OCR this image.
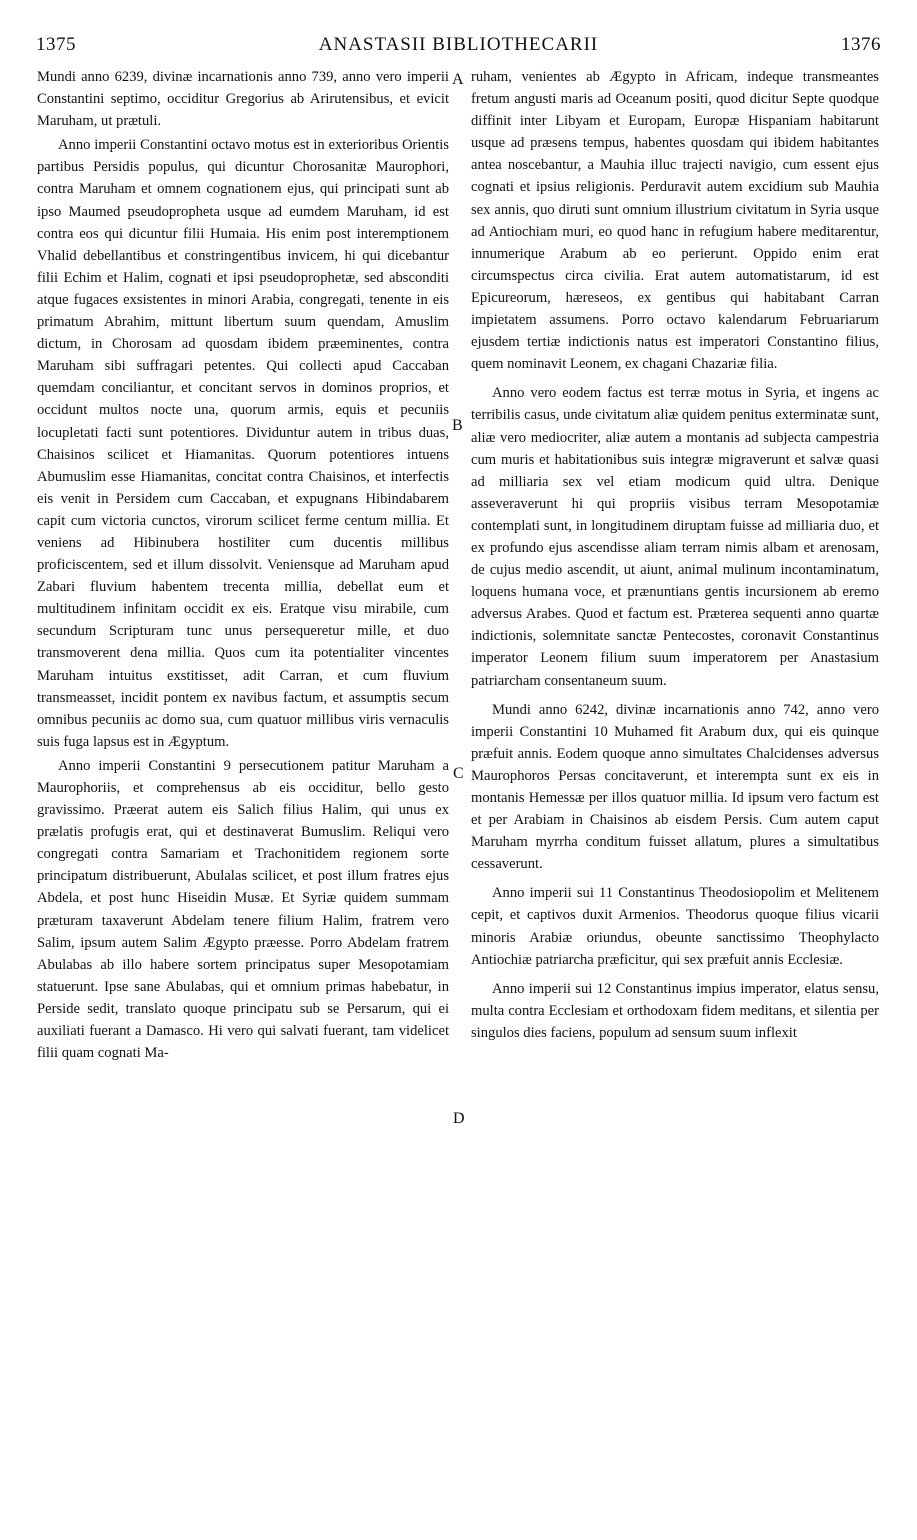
1375	ANASTASII BIBLIOTHECARII	1376

Mundi anno 6239, divinæ incarnationis anno 739, anno vero imperii Constantini septimo, occiditur Gregorius ab Arirutensibus, et evicit Maruham, ut prætuli.

Anno imperii Constantini octavo motus est in exterioribus Orientis partibus Persidis populus, qui dicuntur Chorosanitæ Maurophori, contra Maruham et omnem cognationem ejus, qui principati sunt ab ipso Maumed pseudopropheta usque ad eumdem Maruham, id est contra eos qui dicuntur filii Humaia. His enim post interemptionem Vhalid debellantibus et constringentibus invicem, hi qui dicebantur filii Echim et Halim, cognati et ipsi pseudoprophetæ, sed absconditi atque fugaces exsistentes in minori Arabia, congregati, tenente in eis primatum Abrahim, mittunt libertum suum quendam, Amuslim dictum, in Chorosam ad quosdam ibidem præeminentes, contra Maruham sibi suffragari petentes. Qui collecti apud Caccaban quemdam conciliantur, et concitant servos in dominos proprios, et occidunt multos nocte una, quorum armis, equis et pecuniis locupletati facti sunt potentiores. Dividuntur autem in tribus duas, Chaisinos scilicet et Hiamanitas. Quorum potentiores intuens Abumuslim esse Hiamanitas, concitat contra Chaisinos, et interfectis eis venit in Persidem cum Caccaban, et expugnans Hibindabarem capit cum victoria cunctos, virorum scilicet ferme centum millia. Et veniens ad Hibinubera hostiliter cum ducentis millibus proficiscentem, sed et illum dissolvit. Veniensque ad Maruham apud Zabari fluvium habentem trecenta millia, debellat eum et multitudinem infinitam occidit ex eis. Eratque visu mirabile, cum secundum Scripturam tunc unus persequeretur mille, et duo transmoverent dena millia. Quos cum ita potentialiter vincentes Maruham intuitus exstitisset, adit Carran, et cum fluvium transmeasset, incidit pontem ex navibus factum, et assumptis secum omnibus pecuniis ac domo sua, cum quatuor millibus viris vernaculis suis fuga lapsus est in Ægyptum.

Anno imperii Constantini 9 persecutionem patitur Maruham a Maurophoriis, et comprehensus ab eis occiditur, bello gesto gravissimo. Præerat autem eis Salich filius Halim, qui unus ex prælatis profugis erat, qui et destinaverat Bumuslim. Reliqui vero congregati contra Samariam et Trachonitidem regionem sorte principatum distribuerunt, Abulalas scilicet, et post illum fratres ejus Abdela, et post hunc Hiseidin Musæ. Et Syriæ quidem summam præturam taxaverunt Abdelam tenere filium Halim, fratrem vero Salim, ipsum autem Salim Ægypto præesse. Porro Abdelam fratrem Abulabas ab illo habere sortem principatus super Mesopotamiam statuerunt. Ipse sane Abulabas, qui et omnium primas habebatur, in Perside sedit, translato quoque principatu sub se Persarum, qui ei auxiliati fuerant a Damasco. Hi vero qui salvati fuerant, tam videlicet filii quam cognati Ma-

A
B
C
D

ruham, venientes ab Ægypto in Africam, indeque transmeantes fretum angusti maris ad Oceanum positi, quod dicitur Septe quodque diffinit inter Libyam et Europam, Europæ Hispaniam habitarunt usque ad præsens tempus, habentes quosdam qui ibidem habitantes antea noscebantur, a Mauhia illuc trajecti navigio, cum essent ejus cognati et ipsius religionis. Perduravit autem excidium sub Mauhia sex annis, quo diruti sunt omnium illustrium civitatum in Syria usque ad Antiochiam muri, eo quod hanc in refugium habere meditarentur, innumerique Arabum ab eo perierunt. Oppido enim erat circumspectus circa civilia. Erat autem automatistarum, id est Epicureorum, hæreseos, ex gentibus qui habitabant Carran impietatem assumens. Porro octavo kalendarum Februariarum ejusdem tertiæ indictionis natus est imperatori Constantino filius, quem nominavit Leonem, ex chagani Chazariæ filia.

Anno vero eodem factus est terræ motus in Syria, et ingens ac terribilis casus, unde civitatum aliæ quidem penitus exterminatæ sunt, aliæ vero mediocriter, aliæ autem a montanis ad subjecta campestria cum muris et habitationibus suis integræ migraverunt et salvæ quasi ad milliaria sex vel etiam modicum quid ultra. Denique asseveraverunt hi qui propriis visibus terram Mesopotamiæ contemplati sunt, in longitudinem diruptam fuisse ad milliaria duo, et ex profundo ejus ascendisse aliam terram nimis albam et arenosam, de cujus medio ascendit, ut aiunt, animal mulinum incontaminatum, loquens humana voce, et prænuntians gentis incursionem ab eremo adversus Arabes. Quod et factum est. Præterea sequenti anno quartæ indictionis, solemnitate sanctæ Pentecostes, coronavit Constantinus imperator Leonem filium suum imperatorem per Anastasium patriarcham consentaneum suum.

Mundi anno 6242, divinæ incarnationis anno 742, anno vero imperii Constantini 10 Muhamed fit Arabum dux, qui eis quinque præfuit annis. Eodem quoque anno simultates Chalcidenses adversus Maurophoros Persas concitaverunt, et interempta sunt ex eis in montanis Hemessæ per illos quatuor millia. Id ipsum vero factum est et per Arabiam in Chaisinos ab eisdem Persis. Cum autem caput Maruham myrrha conditum fuisset allatum, plures a simultatibus cessaverunt.

Anno imperii sui 11 Constantinus Theodosiopolim et Melitenem cepit, et captivos duxit Armenios. Theodorus quoque filius vicarii minoris Arabiæ oriundus, obeunte sanctissimo Theophylacto Antiochiæ patriarcha præficitur, qui sex præfuit annis Ecclesiæ.

Anno imperii sui 12 Constantinus impius imperator, elatus sensu, multa contra Ecclesiam et orthodoxam fidem meditans, et silentia per singulos dies faciens, populum ad sensum suum inflexit
